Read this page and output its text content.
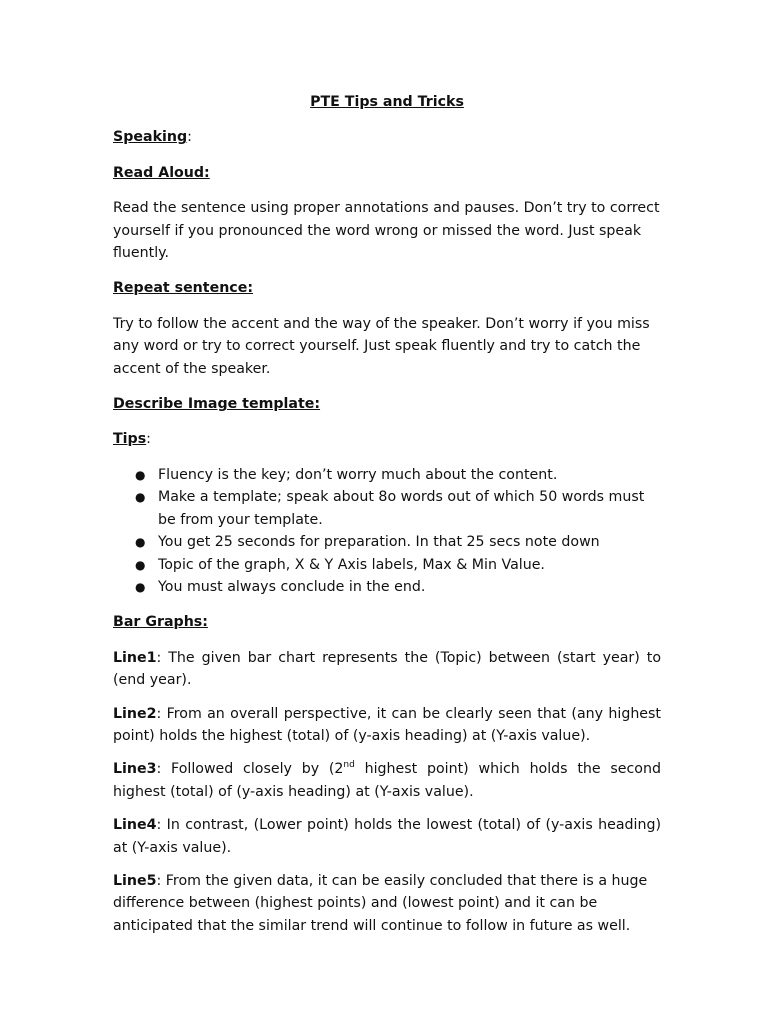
PTE Tips and Tricks
Speaking:
Read Aloud:
Read the sentence using proper annotations and pauses. Don’t try to correct yourself if you pronounced the word wrong or missed the word. Just speak fluently.
Repeat sentence:
Try to follow the accent and the way of the speaker. Don’t worry if you miss any word or try to correct yourself. Just speak fluently and try to catch the accent of the speaker.
Describe Image template:
Tips:
● Fluency is the key; don’t worry much about the content.
● Make a template; speak about 8o words out of which 50 words must be from your template.
● You get 25 seconds for preparation. In that 25 secs note down
● Topic of the graph, X & Y Axis labels, Max & Min Value.
● You must always conclude in the end.
Bar Graphs:
Line1: The given bar chart represents the (Topic) between (start year) to (end year).
Line2: From an overall perspective, it can be clearly seen that (any highest point) holds the highest (total) of (y-axis heading) at (Y-axis value).
Line3: Followed closely by (2nd highest point) which holds the second highest (total) of (y-axis heading) at (Y-axis value).
Line4: In contrast, (Lower point) holds the lowest (total) of (y-axis heading) at (Y-axis value).
Line5: From the given data, it can be easily concluded that there is a huge difference between (highest points) and (lowest point) and it can be anticipated that the similar trend will continue to follow in future as well.
